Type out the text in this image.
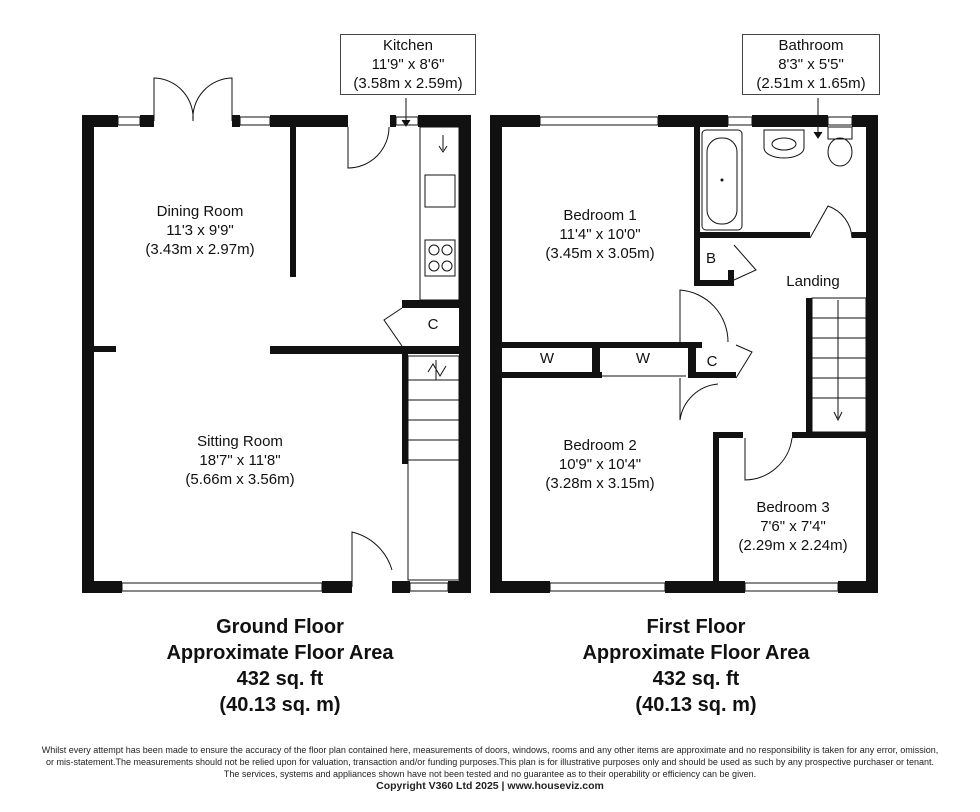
Kitchen
11'9" x 8'6"
(3.58m x 2.59m)
Dining Room
11'3 x 9'9"
(3.43m x 2.97m)
C
Sitting Room
18'7" x 11'8"
(5.66m x 3.56m)
Bathroom
8'3" x 5'5"
(2.51m x 1.65m)
Bedroom 1
11'4" x 10'0"
(3.45m x 3.05m)	B
Landing
W	W	C
Bedroom 2
10'9" x 10'4"
(3.28m x 3.15m)
Bedroom 3
7'6" x 7'4"
(2.29m x 2.24m)
Ground Floor
Approximate Floor Area
432 sq. ft
(40.13 sq. m)
First Floor
Approximate Floor Area
432 sq. ft
(40.13 sq. m)
Whilst every attempt has been made to ensure the accuracy of the floor plan contained here, measurements of doors, windows, rooms and any other items are approximate and no responsibility is taken for any error, omission,
or mis-statement.The measurements should not be relied upon for valuation, transaction and/or funding purposes.This plan is for illustrative purposes only and should be used as such by any prospective purchaser or tenant.
The services, systems and appliances shown have not been tested and no guarantee as to their operability or efficiency can be given.
Copyright V360 Ltd 2025 | www.houseviz.com
